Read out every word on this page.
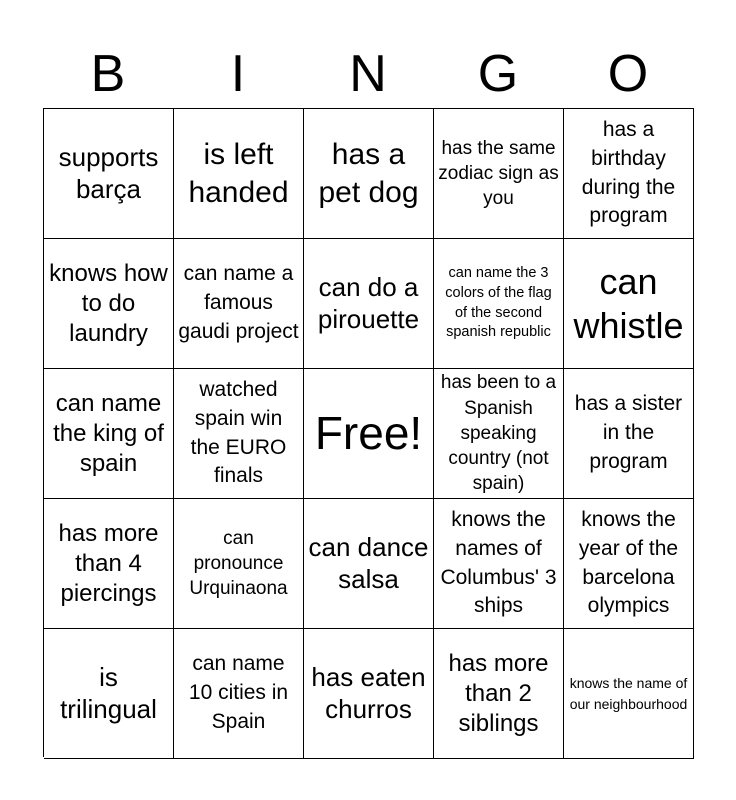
B	I	N	G	O
supports barça
is left handed
has a pet dog
has the same zodiac sign as you
has a birthday during the program
knows how to do laundry
can name a famous gaudi project
can do a pirouette
can name the 3 colors of the flag of the second spanish republic
can whistle
can name the king of spain
watched spain win the EURO finals
Free!
has been to a Spanish speaking country (not spain)
has a sister in the program
has more than 4 piercings
can pronounce Urquinaona
can dance salsa
knows the names of Columbus' 3 ships
knows the year of the barcelona olympics
is trilingual
can name 10 cities in Spain
has eaten churros
has more than 2 siblings
knows the name of our neighbourhood
